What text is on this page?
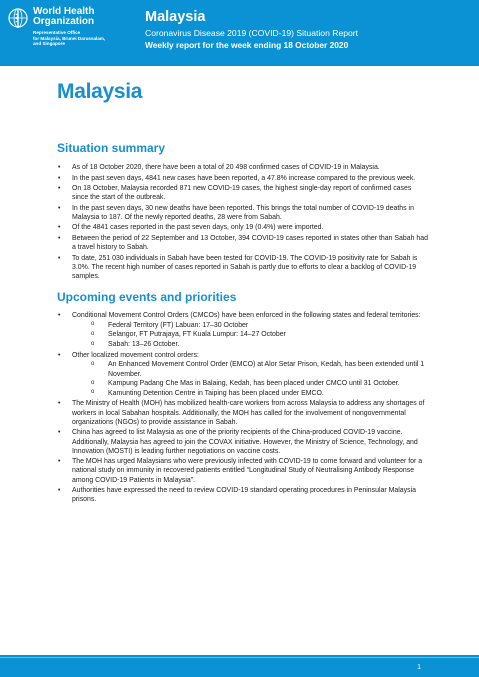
World Health
Organization
Representative Office
for Malaysia, Brunei Darussalam,
and Singapore
Malaysia
Coronavirus Disease 2019 (COVID-19) Situation Report
Weekly report for the week ending 18 October 2020
Malaysia
Situation summary
• As of 18 October 2020, there have been a total of 20 498 confirmed cases of COVID-19 in Malaysia.
• In the past seven days, 4841 new cases have been reported, a 47.8% increase compared to the previous week.
• On 18 October, Malaysia recorded 871 new COVID-19 cases, the highest single-day report of confirmed cases since the start of the outbreak.
• In the past seven days, 30 new deaths have been reported. This brings the total number of COVID-19 deaths in Malaysia to 187. Of the newly reported deaths, 28 were from Sabah.
• Of the 4841 cases reported in the past seven days, only 19 (0.4%) were imported.
• Between the period of 22 September and 13 October, 394 COVID-19 cases reported in states other than Sabah had a travel history to Sabah.
• To date, 251 030 individuals in Sabah have been tested for COVID-19. The COVID-19 positivity rate for Sabah is 3.0%. The recent high number of cases reported in Sabah is partly due to efforts to clear a backlog of COVID-19 samples.
Upcoming events and priorities
• Conditional Movement Control Orders (CMCOs) have been enforced in the following states and federal territories:
o Federal Territory (FT) Labuan: 17–30 October
o Selangor, FT Putrajaya, FT Kuala Lumpur: 14–27 October
o Sabah: 13–26 October.
• Other localized movement control orders:
o An Enhanced Movement Control Order (EMCO) at Alor Setar Prison, Kedah, has been extended until 1 November.
o Kampung Padang Che Mas in Balaing, Kedah, has been placed under CMCO until 31 October.
o Kamunting Detention Centre in Taiping has been placed under EMCO.
• The Ministry of Health (MOH) has mobilized health-care workers from across Malaysia to address any shortages of workers in local Sabahan hospitals. Additionally, the MOH has called for the involvement of nongovernmental organizations (NGOs) to provide assistance in Sabah.
• China has agreed to list Malaysia as one of the priority recipients of the China-produced COVID-19 vaccine. Additionally, Malaysia has agreed to join the COVAX initiative. However, the Ministry of Science, Technology, and Innovation (MOSTI) is leading further negotiations on vaccine costs.
• The MOH has urged Malaysians who were previously infected with COVID-19 to come forward and volunteer for a national study on immunity in recovered patients entitled “Longitudinal Study of Neutralising Antibody Response among COVID-19 Patients in Malaysia”.
• Authorities have expressed the need to review COVID-19 standard operating procedures in Peninsular Malaysia prisons.
1
